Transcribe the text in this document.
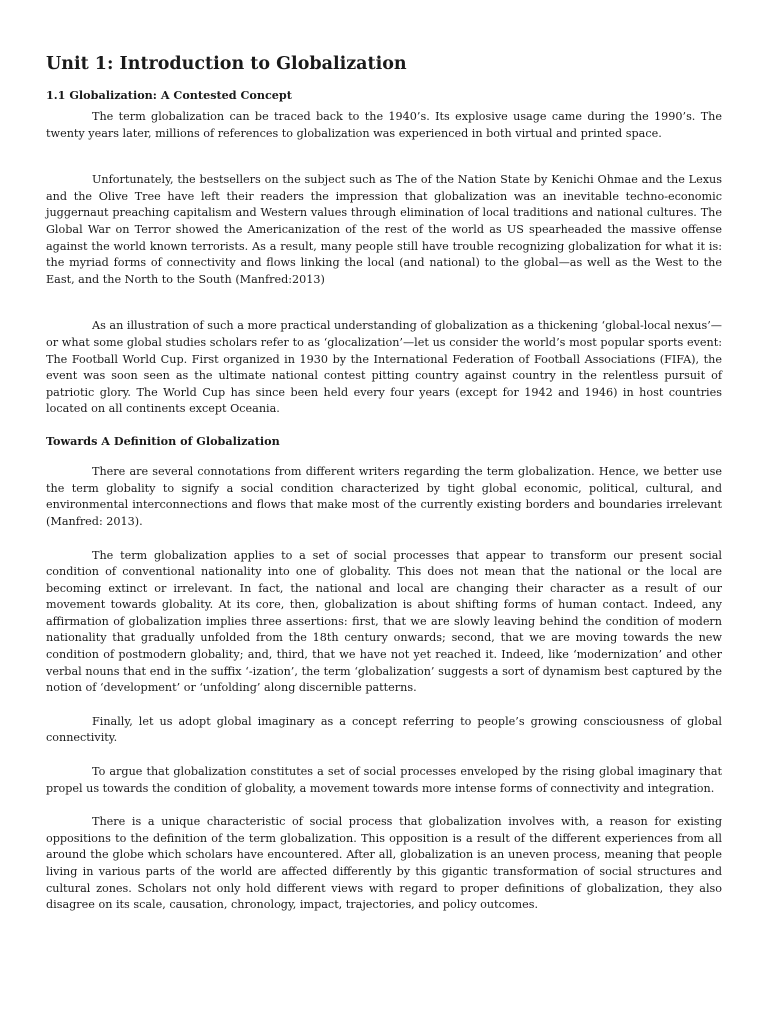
Unit 1: Introduction to Globalization
1.1 Globalization: A Contested Concept

The term globalization can be traced back to the 1940’s. Its explosive usage came during the 1990’s. The twenty years later, millions of references to globalization was experienced in both virtual and printed space.

Unfortunately, the bestsellers on the subject such as The of the Nation State by Kenichi Ohmae and the Lexus and the Olive Tree have left their readers the impression that globalization was an inevitable techno-economic juggernaut preaching capitalism and Western values through elimination of local traditions and national cultures. The Global War on Terror showed the Americanization of the rest of the world as US spearheaded the massive offense against the world known terrorists. As a result, many people still have trouble recognizing globalization for what it is: the myriad forms of connectivity and flows linking the local (and national) to the global—as well as the West to the East, and the North to the South (Manfred:2013)

As an illustration of such a more practical understanding of globalization as a thickening ‘global-local nexus’—or what some global studies scholars refer to as ‘glocalization’—let us consider the world’s most popular sports event: The Football World Cup. First organized in 1930 by the International Federation of Football Associations (FIFA), the event was soon seen as the ultimate national contest pitting country against country in the relentless pursuit of patriotic glory. The World Cup has since been held every four years (except for 1942 and 1946) in host countries located on all continents except Oceania.

Towards A Definition of Globalization

There are several connotations from different writers regarding the term globalization. Hence, we better use the term globality to signify a social condition characterized by tight global economic, political, cultural, and environmental interconnections and flows that make most of the currently existing borders and boundaries irrelevant (Manfred: 2013).

The term globalization applies to a set of social processes that appear to transform our present social condition of conventional nationality into one of globality. This does not mean that the national or the local are becoming extinct or irrelevant. In fact, the national and local are changing their character as a result of our movement towards globality. At its core, then, globalization is about shifting forms of human contact. Indeed, any affirmation of globalization implies three assertions: first, that we are slowly leaving behind the condition of modern nationality that gradually unfolded from the 18th century onwards; second, that we are moving towards the new condition of postmodern globality; and, third, that we have not yet reached it. Indeed, like ‘modernization’ and other verbal nouns that end in the suffix ‘-ization’, the term ‘globalization’ suggests a sort of dynamism best captured by the notion of ‘development’ or ‘unfolding’ along discernible patterns.

Finally, let us adopt global imaginary as a concept referring to people’s growing consciousness of global connectivity.

To argue that globalization constitutes a set of social processes enveloped by the rising global imaginary that propel us towards the condition of globality, a movement towards more intense forms of connectivity and integration.

There is a unique characteristic of social process that globalization involves with, a reason for existing oppositions to the definition of the term globalization. This opposition is a result of the different experiences from all around the globe which scholars have encountered. After all, globalization is an uneven process, meaning that people living in various parts of the world are affected differently by this gigantic transformation of social structures and cultural zones. Scholars not only hold different views with regard to proper definitions of globalization, they also disagree on its scale, causation, chronology, impact, trajectories, and policy outcomes.
